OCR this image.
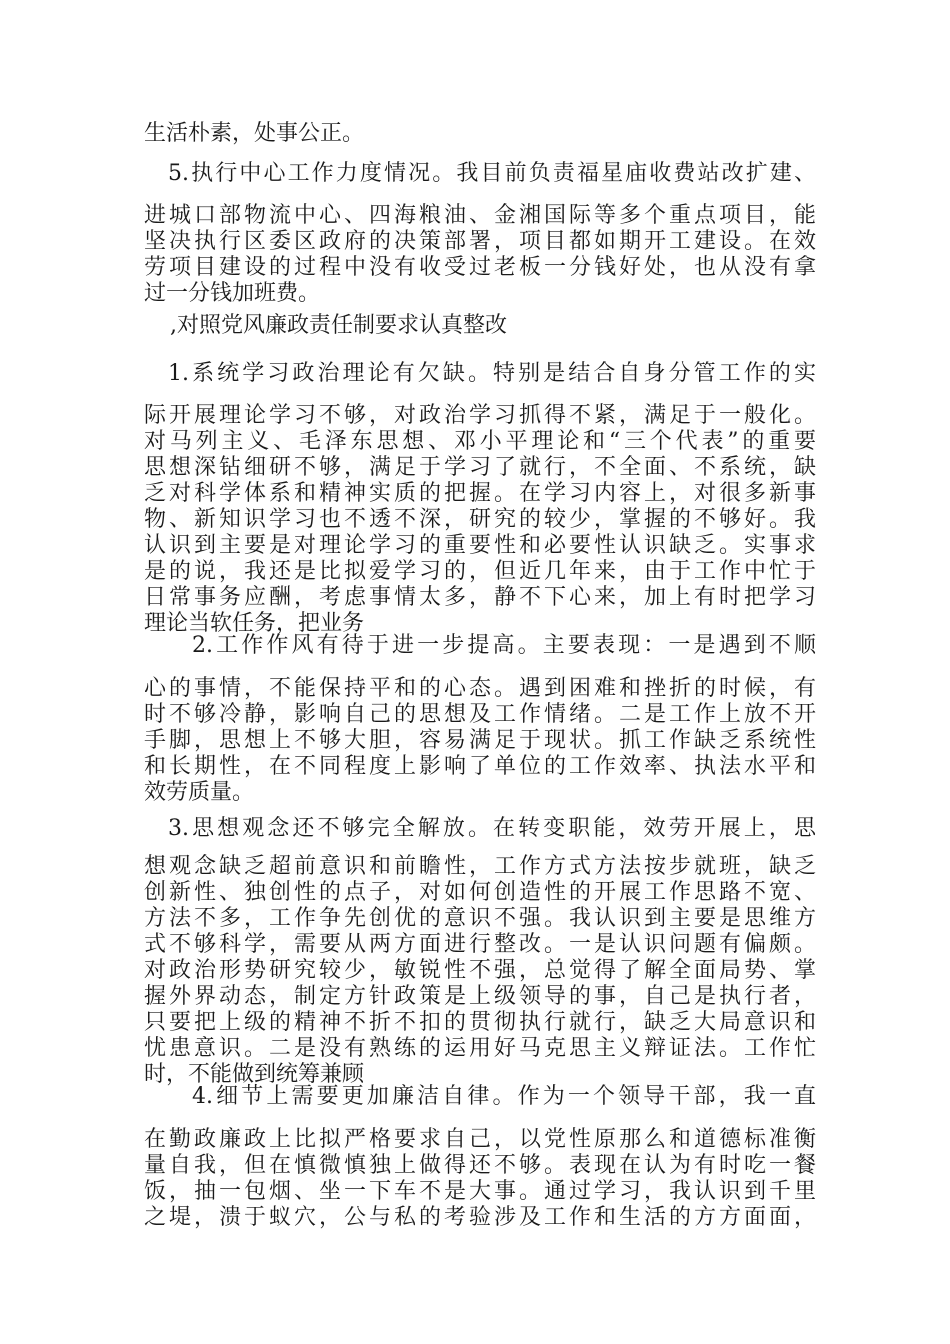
生活朴素，处事公正。
5.执行中心工作力度情况。我目前负责福星庙收费站改扩建、
进城口部物流中心、四海粮油、金湘国际等多个重点项目，能
坚决执行区委区政府的决策部署，项目都如期开工建设。在效
劳项目建设的过程中没有收受过老板一分钱好处，也从没有拿
过一分钱加班费。
,对照党风廉政责任制要求认真整改
1.系统学习政治理论有欠缺。特别是结合自身分管工作的实
际开展理论学习不够，对政治学习抓得不紧，满足于一般化。
对马列主义、毛泽东思想、邓小平理论和“三个代表”的重要
思想深钻细研不够，满足于学习了就行，不全面、不系统，缺
乏对科学体系和精神实质的把握。在学习内容上，对很多新事
物、新知识学习也不透不深，研究的较少，掌握的不够好。我
认识到主要是对理论学习的重要性和必要性认识缺乏。实事求
是的说，我还是比拟爱学习的，但近几年来，由于工作中忙于
日常事务应酬，考虑事情太多，静不下心来，加上有时把学习
理论当软任务，把业务
2.工作作风有待于进一步提高。主要表现：一是遇到不顺
心的事情，不能保持平和的心态。遇到困难和挫折的时候，有
时不够冷静，影响自己的思想及工作情绪。二是工作上放不开
手脚，思想上不够大胆，容易满足于现状。抓工作缺乏系统性
和长期性，在不同程度上影响了单位的工作效率、执法水平和
效劳质量。
3.思想观念还不够完全解放。在转变职能，效劳开展上，思
想观念缺乏超前意识和前瞻性，工作方式方法按步就班，缺乏
创新性、独创性的点子，对如何创造性的开展工作思路不宽、
方法不多，工作争先创优的意识不强。我认识到主要是思维方
式不够科学，需要从两方面进行整改。一是认识问题有偏颇。
对政治形势研究较少，敏锐性不强，总觉得了解全面局势、掌
握外界动态，制定方针政策是上级领导的事，自己是执行者，
只要把上级的精神不折不扣的贯彻执行就行，缺乏大局意识和
忧患意识。二是没有熟练的运用好马克思主义辩证法。工作忙
时，不能做到统筹兼顾
4.细节上需要更加廉洁自律。作为一个领导干部，我一直
在勤政廉政上比拟严格要求自己，以党性原那么和道德标准衡
量自我，但在慎微慎独上做得还不够。表现在认为有时吃一餐
饭，抽一包烟、坐一下车不是大事。通过学习，我认识到千里
之堤，溃于蚁穴，公与私的考验涉及工作和生活的方方面面，
